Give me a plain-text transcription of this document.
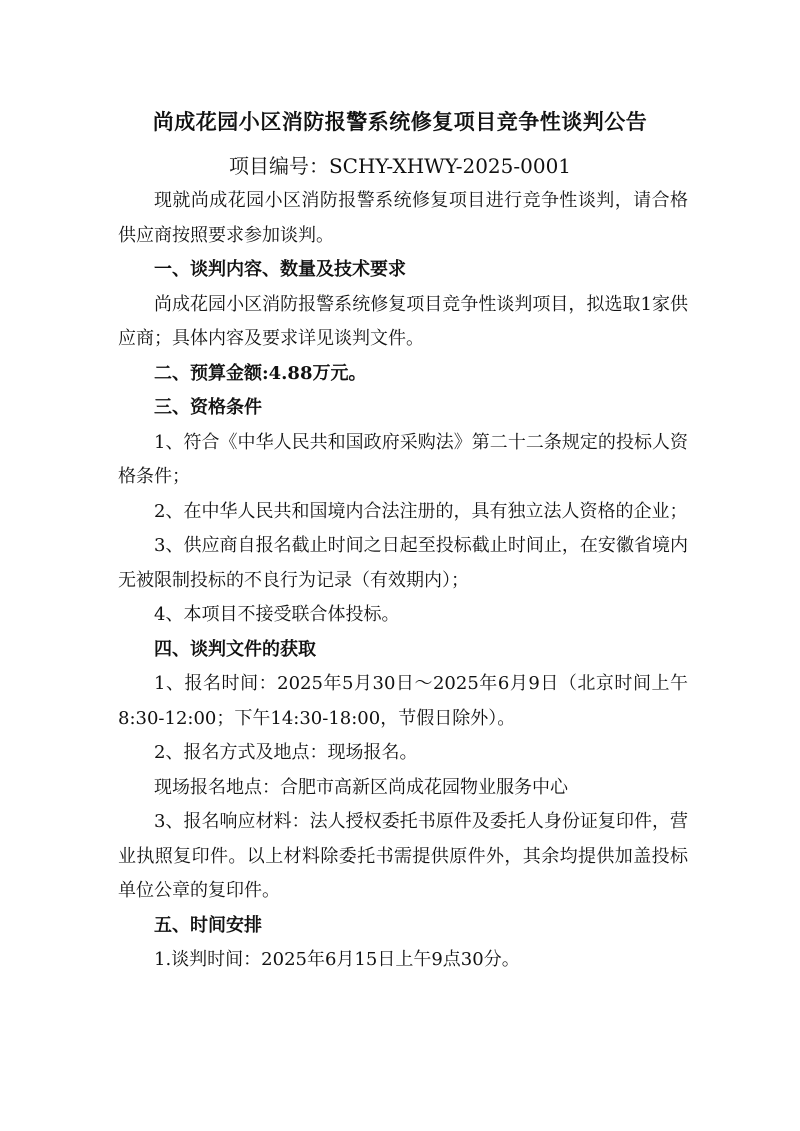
尚成花园小区消防报警系统修复项目竞争性谈判公告
项目编号：SCHY-XHWY-2025-0001

现就尚成花园小区消防报警系统修复项目进行竞争性谈判，请合格供应商按照要求参加谈判。

一、谈判内容、数量及技术要求

尚成花园小区消防报警系统修复项目竞争性谈判项目，拟选取1家供应商；具体内容及要求详见谈判文件。

二、预算金额:4.88万元。

三、资格条件

1、符合《中华人民共和国政府采购法》第二十二条规定的投标人资格条件；

2、在中华人民共和国境内合法注册的，具有独立法人资格的企业；

3、供应商自报名截止时间之日起至投标截止时间止，在安徽省境内无被限制投标的不良行为记录（有效期内）；

4、本项目不接受联合体投标。

四、谈判文件的获取

1、报名时间：2025年5月30日～2025年6月9日（北京时间上午8:30-12:00；下午14:30-18:00，节假日除外）。

2、报名方式及地点：现场报名。

现场报名地点：合肥市高新区尚成花园物业服务中心

3、报名响应材料：法人授权委托书原件及委托人身份证复印件，营业执照复印件。以上材料除委托书需提供原件外，其余均提供加盖投标单位公章的复印件。

五、时间安排

1.谈判时间：2025年6月15日上午9点30分。
